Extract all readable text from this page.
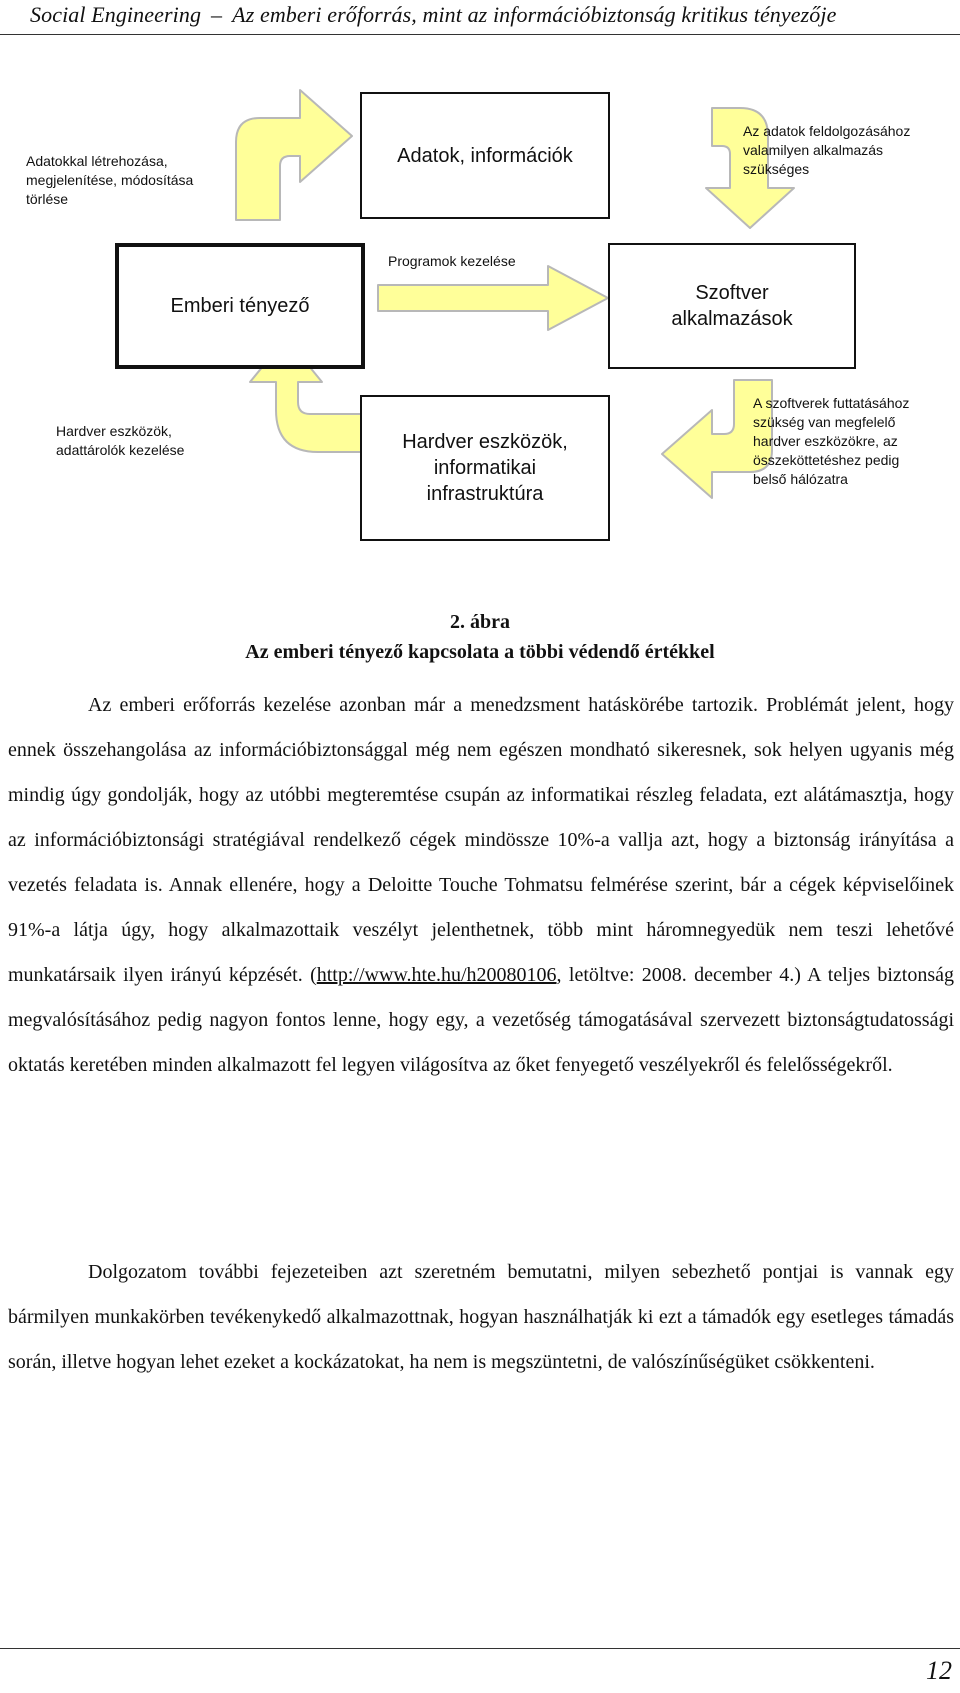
Social Engineering – Az emberi erőforrás, mint az információbiztonság kritikus tényezője
Adatok, információk
Emberi tényező
Szoftver
alkalmazások
Hardver eszközök,
informatikai
infrastruktúra
Adatokkal létrehozása,
megjelenítése, módosítása
törlése
Az adatok feldolgozásához
valamilyen alkalmazás
szükséges
Programok kezelése
Hardver eszközök,
adattárolók kezelése
A szoftverek futtatásához
szükség van megfelelő
hardver eszközökre, az
összeköttetéshez pedig
belső hálózatra
2. ábra
Az emberi tényező kapcsolata a többi védendő értékkel

Az emberi erőforrás kezelése azonban már a menedzsment hatáskörébe tartozik. Problémát jelent, hogy ennek összehangolása az információbiztonsággal még nem egészen mondható sikeresnek, sok helyen ugyanis még mindig úgy gondolják, hogy az utóbbi megteremtése csupán az informatikai részleg feladata, ezt alátámasztja, hogy az információbiztonsági stratégiával rendelkező cégek mindössze 10%-a vallja azt, hogy a biztonság irányítása a vezetés feladata is. Annak ellenére, hogy a Deloitte Touche Tohmatsu felmérése szerint, bár a cégek képviselőinek 91%-a látja úgy, hogy alkalmazottaik veszélyt jelenthetnek, több mint háromnegyedük nem teszi lehetővé munkatársaik ilyen irányú képzését. (http://www.hte.hu/h20080106, letöltve: 2008. december 4.) A teljes biztonság megvalósításához pedig nagyon fontos lenne, hogy egy, a vezetőség támogatásával szervezett biztonságtudatossági oktatás keretében minden alkalmazott fel legyen világosítva az őket fenyegető veszélyekről és felelősségekről.

Dolgozatom további fejezeteiben azt szeretném bemutatni, milyen sebezhető pontjai is vannak egy bármilyen munkakörben tevékenykedő alkalmazottnak, hogyan használhatják ki ezt a támadók egy esetleges támadás során, illetve hogyan lehet ezeket a kockázatokat, ha nem is megszüntetni, de valószínűségüket csökkenteni.

12
